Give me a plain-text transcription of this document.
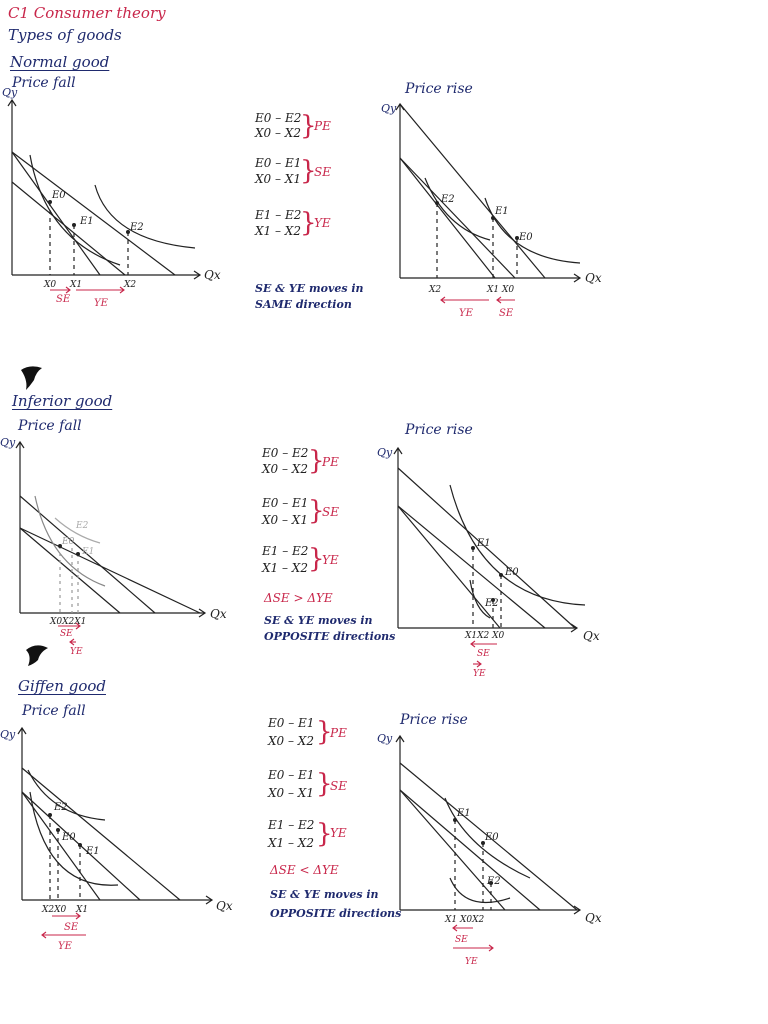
C1 Consumer theory
Types of goods
Normal good
Price fall
Qy
Qx
E0
E1
E2
X0 X1	X2
SE YE
E0 – E2
X0 – X2 }
PE
E0 – E1
X0 – X1 }
SE
E1 – E2
X1 – X2 }
YE
SE & YE moves in
SAME direction
Price rise
Qy
Qx
E2
E1
E0
X2	X1 X0
YE	SE
Inferior good
Price fall
Qy
Qx
E2
E0
E1
X0X2X1
SE
YE
E0 – E2
X0 – X2 }
PE
E0 – E1
X0 – X1 }
SE
E1 – E2
X1 – X2 }
YE
ΔSE > ΔYE
SE & YE moves in
OPPOSITE directions
Price rise
Qy
Qx
E1
E0
E2
X1X2 X0
SE
YE
Giffen good
Price fall
Qy
Qx
E2
E0
E1
X2X0 X1
SE
YE
E0 – E1
X0 – X2 }
PE
E0 – E1
X0 – X1 }
SE
E1 – E2
X1 – X2 }
YE
ΔSE < ΔYE
SE & YE moves in
OPPOSITE directions
Price rise
Qy
Qx
E1
E0
E2
X1 X0X2
SE
YE
